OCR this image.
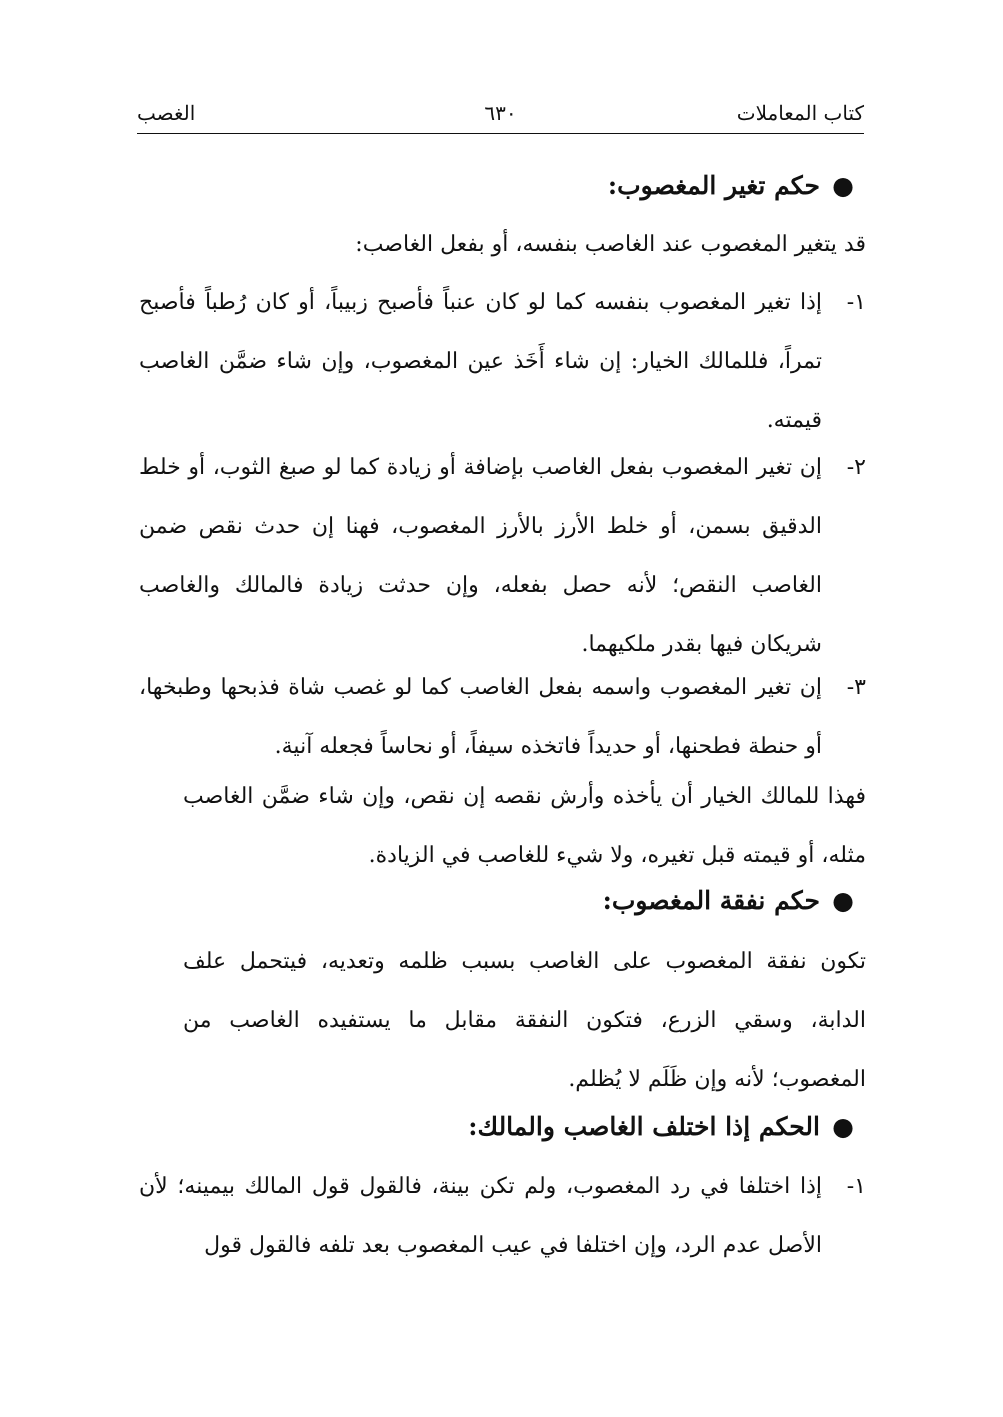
كتاب المعاملات
٦٣٠
الغصب
●حكم تغير المغصوب:
قد يتغير المغصوب عند الغاصب بنفسه، أو بفعل الغاصب:
١-
إذا تغير المغصوب بنفسه كما لو كان عنباً فأصبح زبيباً، أو كان رُطباً فأصبح تمراً، فللمالك الخيار: إن شاء أَخَذ عين المغصوب، وإن شاء ضمَّن الغاصب قيمته.
٢-
إن تغير المغصوب بفعل الغاصب بإضافة أو زيادة كما لو صبغ الثوب، أو خلط الدقيق بسمن، أو خلط الأرز بالأرز المغصوب، فهنا إن حدث نقص ضمن الغاصب النقص؛ لأنه حصل بفعله، وإن حدثت زيادة فالمالك والغاصب شريكان فيها بقدر ملكيهما.
٣-
إن تغير المغصوب واسمه بفعل الغاصب كما لو غصب شاة فذبحها وطبخها، أو حنطة فطحنها، أو حديداً فاتخذه سيفاً، أو نحاساً فجعله آنية.
فهذا للمالك الخيار أن يأخذه وأرش نقصه إن نقص، وإن شاء ضمَّن الغاصب مثله، أو قيمته قبل تغيره، ولا شيء للغاصب في الزيادة.
●حكم نفقة المغصوب:
تكون نفقة المغصوب على الغاصب بسبب ظلمه وتعديه، فيتحمل علف الدابة، وسقي الزرع، فتكون النفقة مقابل ما يستفيده الغاصب من المغصوب؛ لأنه وإن ظَلَم لا يُظلم.
●الحكم إذا اختلف الغاصب والمالك:
١-
إذا اختلفا في رد المغصوب، ولم تكن بينة، فالقول قول المالك بيمينه؛ لأن الأصل عدم الرد، وإن اختلفا في عيب المغصوب بعد تلفه فالقول قول
